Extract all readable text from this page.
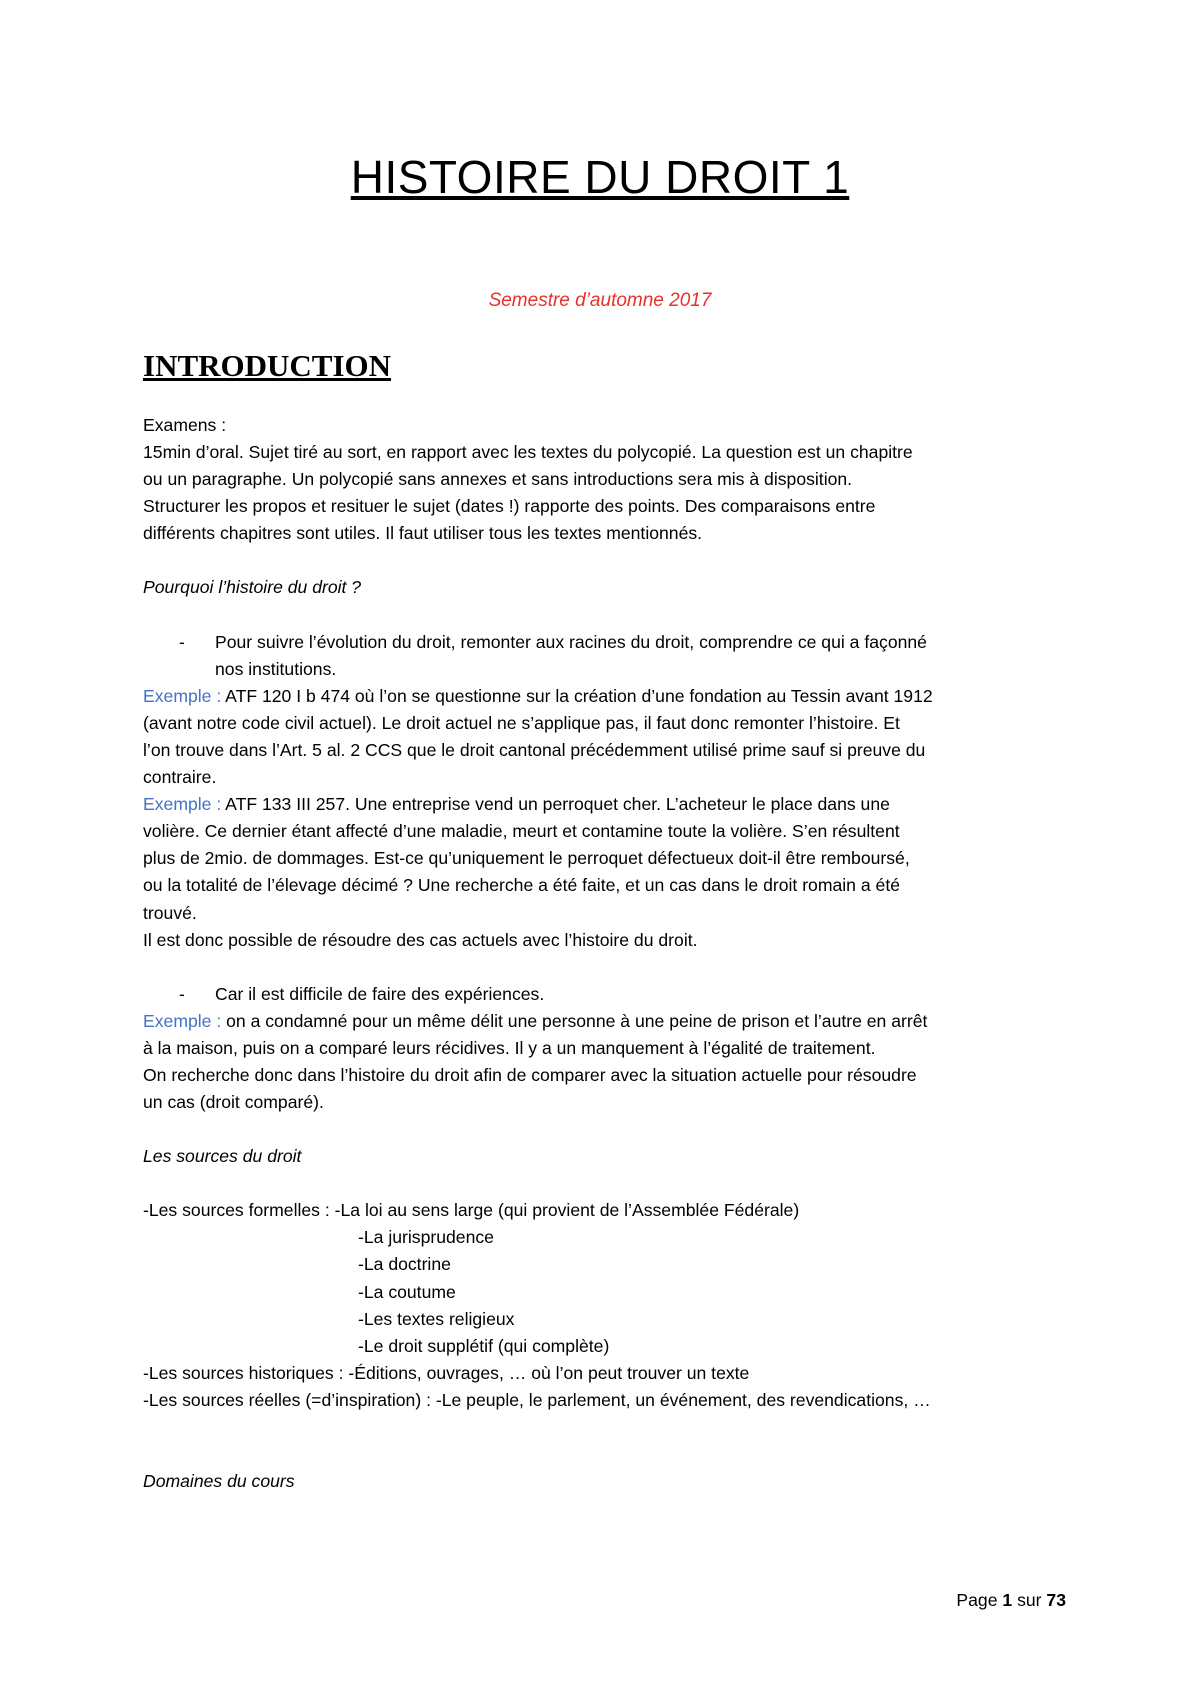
HISTOIRE DU DROIT 1
Semestre d’automne 2017
INTRODUCTION

Examens :

15min d’oral. Sujet tiré au sort, en rapport avec les textes du polycopié. La question est un chapitre

ou un paragraphe. Un polycopié sans annexes et sans introductions sera mis à disposition.

Structurer les propos et resituer le sujet (dates !) rapporte des points. Des comparaisons entre

différents chapitres sont utiles. Il faut utiliser tous les textes mentionnés.

Pourquoi l’histoire du droit ?

- Pour suivre l’évolution du droit, remonter aux racines du droit, comprendre ce qui a façonné

nos institutions.

Exemple : ATF 120 I b 474 où l’on se questionne sur la création d’une fondation au Tessin avant 1912

(avant notre code civil actuel). Le droit actuel ne s’applique pas, il faut donc remonter l’histoire. Et

l’on trouve dans l’Art. 5 al. 2 CCS que le droit cantonal précédemment utilisé prime sauf si preuve du

contraire.

Exemple : ATF 133 III 257. Une entreprise vend un perroquet cher. L’acheteur le place dans une

volière. Ce dernier étant affecté d’une maladie, meurt et contamine toute la volière. S’en résultent

plus de 2mio. de dommages. Est-ce qu’uniquement le perroquet défectueux doit-il être remboursé,

ou la totalité de l’élevage décimé ? Une recherche a été faite, et un cas dans le droit romain a été

trouvé.

Il est donc possible de résoudre des cas actuels avec l’histoire du droit.

- Car il est difficile de faire des expériences.

Exemple : on a condamné pour un même délit une personne à une peine de prison et l’autre en arrêt

à la maison, puis on a comparé leurs récidives. Il y a un manquement à l’égalité de traitement.

On recherche donc dans l’histoire du droit afin de comparer avec la situation actuelle pour résoudre

un cas (droit comparé).

Les sources du droit

-Les sources formelles : -La loi au sens large (qui provient de l’Assemblée Fédérale)

-La jurisprudence

-La doctrine

-La coutume

-Les textes religieux

-Le droit supplétif (qui complète)

-Les sources historiques : -Éditions, ouvrages, … où l’on peut trouver un texte

-Les sources réelles (=d’inspiration) : -Le peuple, le parlement, un événement, des revendications, …

Domaines du cours

Page 1 sur 73
